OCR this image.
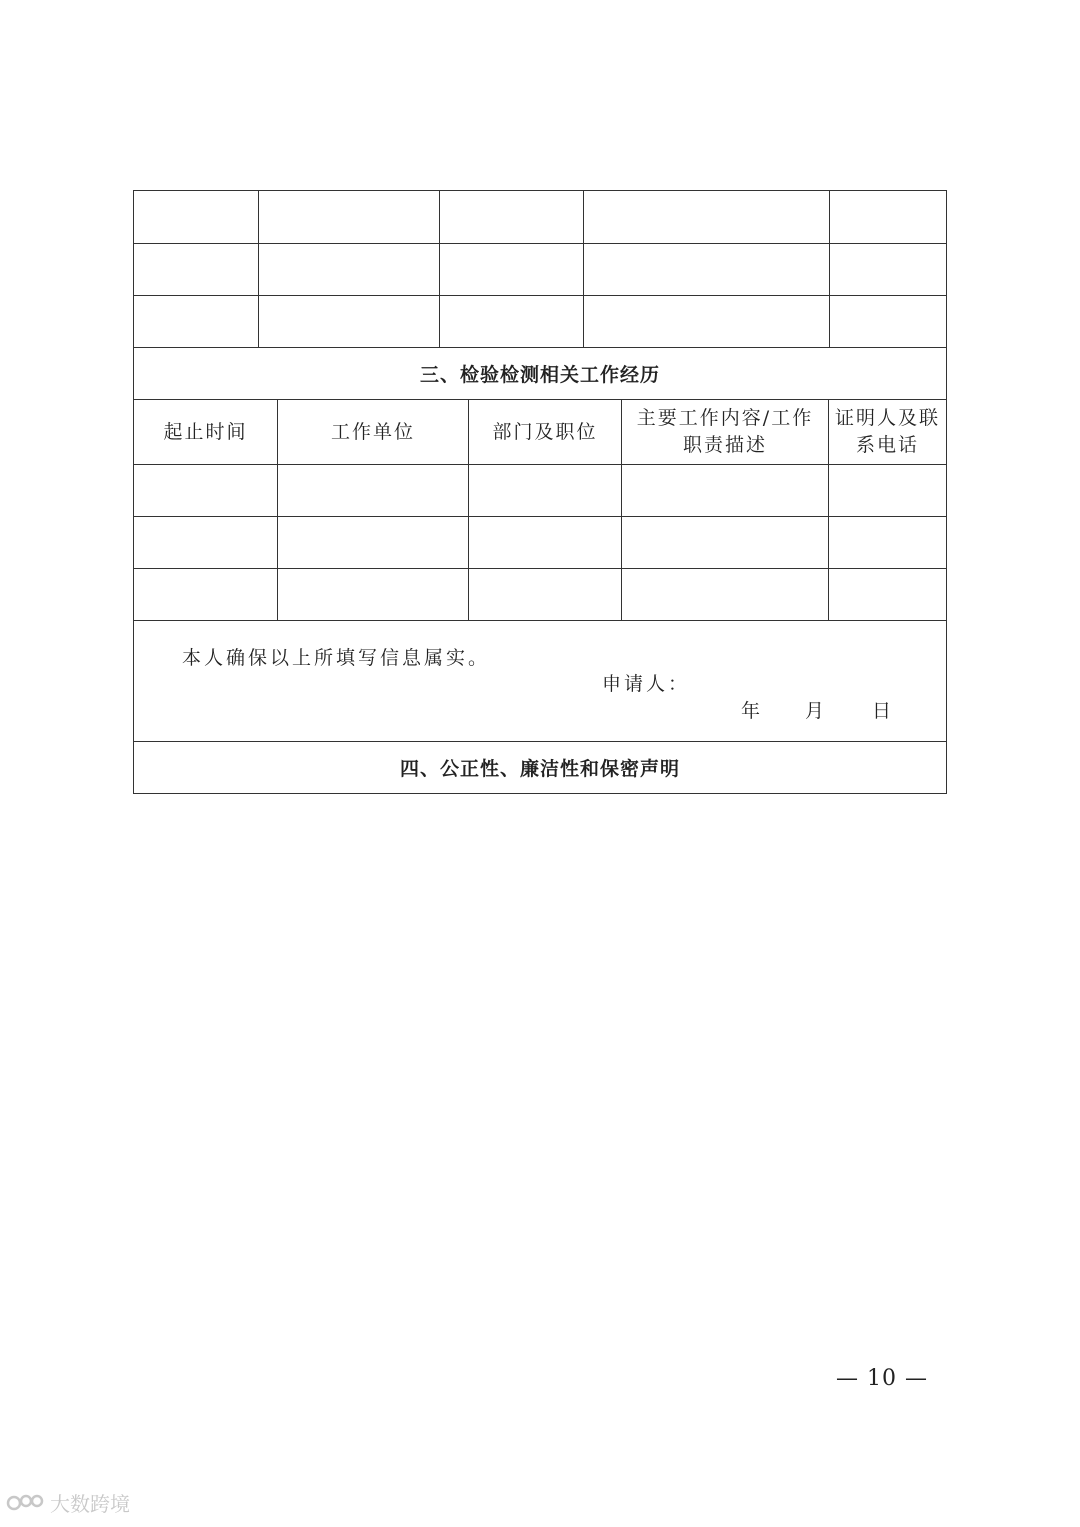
三、检验检测相关工作经历
起止时间	工作单位	部门及职位
主要工作内容/工作职责描述
证明人及联系电话
本人确保以上所填写信息属实。
申请人：
年 月 日
四、公正性、廉洁性和保密声明
— 10 —
大数跨境
